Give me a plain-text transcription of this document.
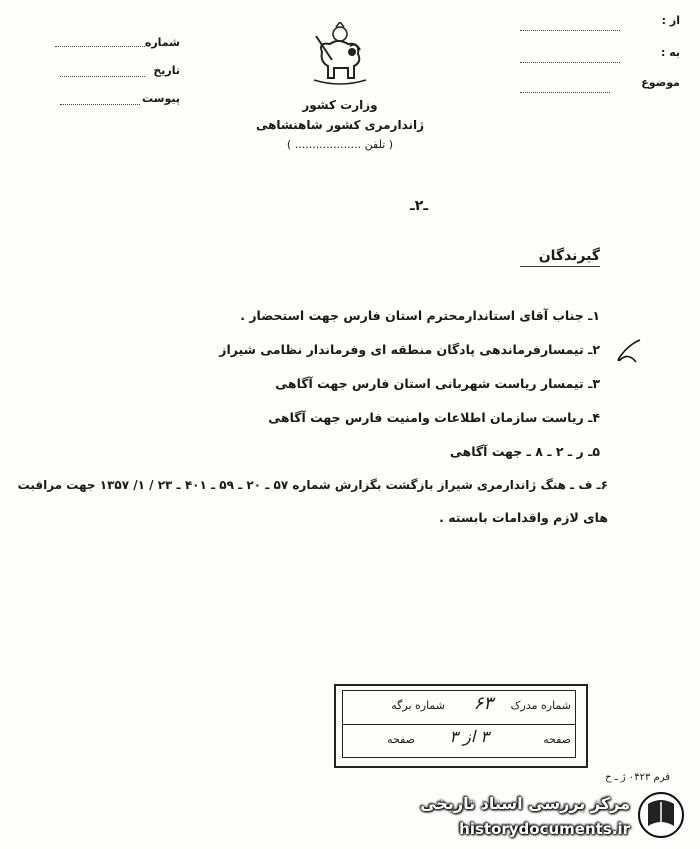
از :
به :
موضوع
شماره
تاریخ
پیوست	وزارت کشور
ژاندارمری کشور شاهنشاهی
( تلفن ................... )
ـ۲ـ
گیرندگان
۱ـ جناب آقای استاندارمحترم استان فارس جهت استحضار .
۲ـ تیمسارفرماندهی پادگان منطقه ای وفرماندار نظامی شیراز
۳ـ تیمسار ریاست شهربانی استان فارس جهت آگاهی
۴ـ ریاست سازمان اطلاعات وامنیت فارس جهت آگاهی
۵ـ ر ـ ۲ ـ ۸ ـ جهت آگاهی
۶ـ ف ـ هنگ ژاندارمری شیراز بازگشت بگزارش شماره ۵۷ ـ ۲۰ ـ ۵۹ ـ ۴۰۱ ـ ۲۳ / ۱/ ۱۳۵۷ جهت مراقبت
های لازم واقدامات بابسته .
شماره مدرک
۶۳
شماره برگه
صفحه
۳ از ۳
صفحه
فرم ۰۴۲۳ ژ ـ ح
مرکز بررسی اسناد تاریخی
historydocuments.ir
